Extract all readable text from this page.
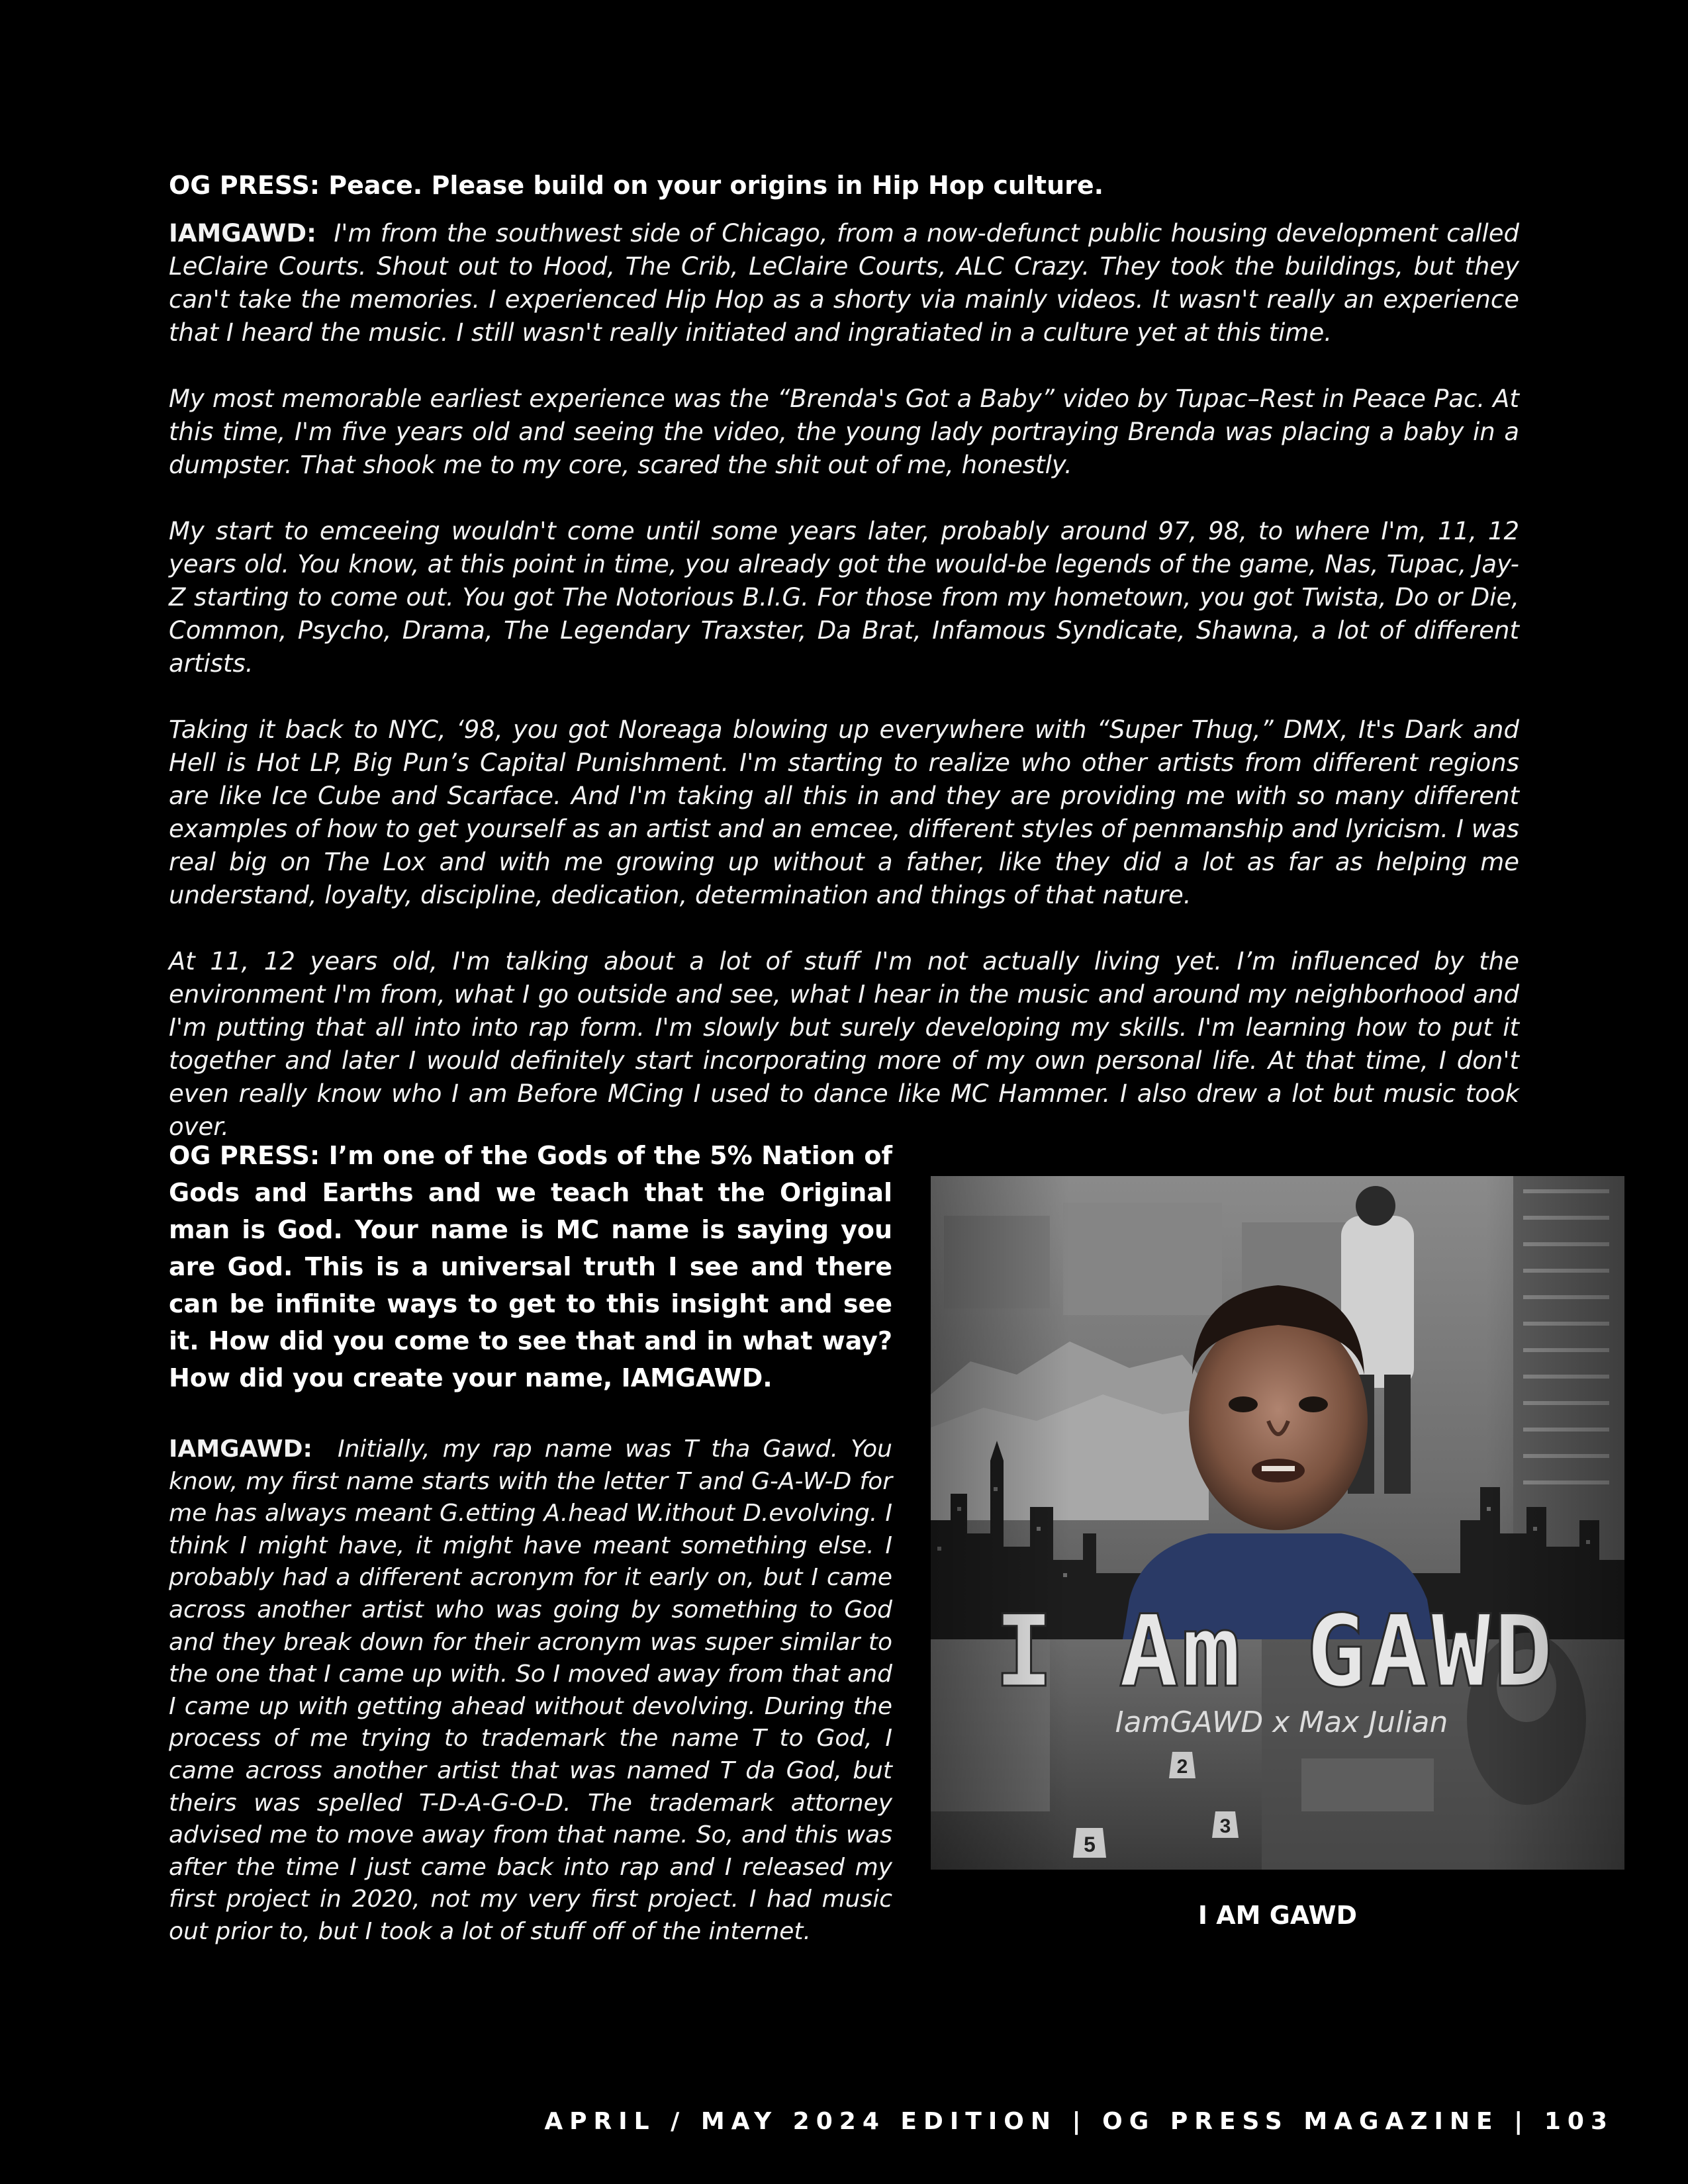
OG PRESS: Peace. Please build on your origins in Hip Hop culture.

IAMGAWD: I'm from the southwest side of Chicago, from a now-defunct public housing development called LeClaire Courts. Shout out to Hood, The Crib, LeClaire Courts, ALC Crazy. They took the buildings, but they can't take the memories. I experienced Hip Hop as a shorty via mainly videos. It wasn't really an experience that I heard the music. I still wasn't really initiated and ingratiated in a culture yet at this time.

My most memorable earliest experience was the “Brenda's Got a Baby” video by Tupac–Rest in Peace Pac. At this time, I'm five years old and seeing the video, the young lady portraying Brenda was placing a baby in a dumpster. That shook me to my core, scared the shit out of me, honestly.

My start to emceeing wouldn't come until some years later, probably around 97, 98, to where I'm, 11, 12 years old. You know, at this point in time, you already got the would-be legends of the game, Nas, Tupac, Jay-Z starting to come out. You got The Notorious B.I.G. For those from my hometown, you got Twista, Do or Die, Common, Psycho, Drama, The Legendary Traxster, Da Brat, Infamous Syndicate, Shawna, a lot of different artists.

Taking it back to NYC, ‘98, you got Noreaga blowing up everywhere with “Super Thug,” DMX, It's Dark and Hell is Hot LP, Big Pun’s Capital Punishment. I'm starting to realize who other artists from different regions are like Ice Cube and Scarface. And I'm taking all this in and they are providing me with so many different examples of how to get yourself as an artist and an emcee, different styles of penmanship and lyricism. I was real big on The Lox and with me growing up without a father, like they did a lot as far as helping me understand, loyalty, discipline, dedication, determination and things of that nature.

At 11, 12 years old, I'm talking about a lot of stuff I'm not actually living yet. I’m influenced by the environment I'm from, what I go outside and see, what I hear in the music and around my neighborhood and I'm putting that all into into rap form. I'm slowly but surely developing my skills. I'm learning how to put it together and later I would definitely start incorporating more of my own personal life. At that time, I don't even really know who I am Before MCing I used to dance like MC Hammer. I also drew a lot but music took over.

OG PRESS: I’m one of the Gods of the 5% Nation of Gods and Earths and we teach that the Original man is God. Your name is MC name is saying you are God. This is a universal truth I see and there can be infinite ways to get to this insight and see it. How did you come to see that and in what way? How did you create your name, IAMGAWD.

IAMGAWD: Initially, my rap name was T tha Gawd. You know, my first name starts with the letter T and G-A-W-D for me has always meant G.etting A.head W.ithout D.evolving. I think I might have, it might have meant something else. I probably had a different acronym for it early on, but I came across another artist who was going by something to God and they break down for their acronym was super similar to the one that I came up with. So I moved away from that and I came up with getting ahead without devolving. During the process of me trying to trademark the name T to God, I came across another artist that was named T da God, but theirs was spelled T-D-A-G-O-D. The trademark attorney advised me to move away from that name. So, and this was after the time I just came back into rap and I released my first project in 2020, not my very first project. I had music out prior to, but I took a lot of stuff off of the internet.

I AM GAWD

APRIL / MAY 2024 EDITION | OG PRESS MAGAZINE | 103
